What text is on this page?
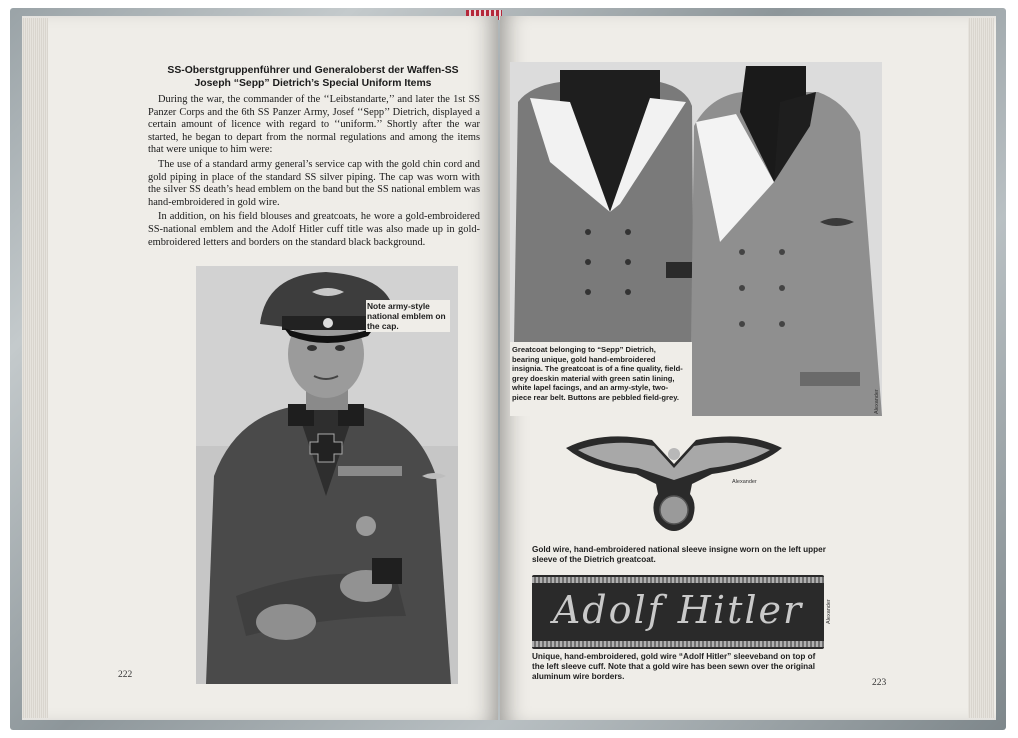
SS-Oberstgruppenführer und Generaloberst der Waffen-SS
Joseph “Sepp” Dietrich’s Special Uniform Items

During the war, the commander of the ‘‘Leibstandarte,’’ and later the 1st SS Panzer Corps and the 6th SS Panzer Army, Josef ‘‘Sepp’’ Dietrich, displayed a certain amount of licence with regard to ‘‘uniform.’’ Shortly after the war started, he began to depart from the normal regulations and among the items that were unique to him were:

The use of a standard army general’s service cap with the gold chin cord and gold piping in place of the standard SS silver piping. The cap was worn with the silver SS death’s head emblem on the band but the SS national emblem was hand-embroidered in gold wire.

In addition, on his field blouses and greatcoats, he wore a gold-embroidered SS-national emblem and the Adolf Hitler cuff title was also made up in gold-embroidered letters and borders on the standard black background.

Note army-style national emblem on the cap.
222
Greatcoat belonging to “Sepp” Dietrich, bearing unique, gold hand-embroidered insignia. The greatcoat is of a fine quality, field-grey doeskin material with green satin lining, white lapel facings, and an army-style, two-piece rear belt. Buttons are pebbled field-grey.	Alexander
Alexander
Gold wire, hand-embroidered national sleeve insigne worn on the left upper sleeve of the Dietrich greatcoat.
Adolf Hitler	Alexander
Unique, hand-embroidered, gold wire “Adolf Hitler” sleeveband on top of the left sleeve cuff. Note that a gold wire has been sewn over the original aluminum wire borders.
223
